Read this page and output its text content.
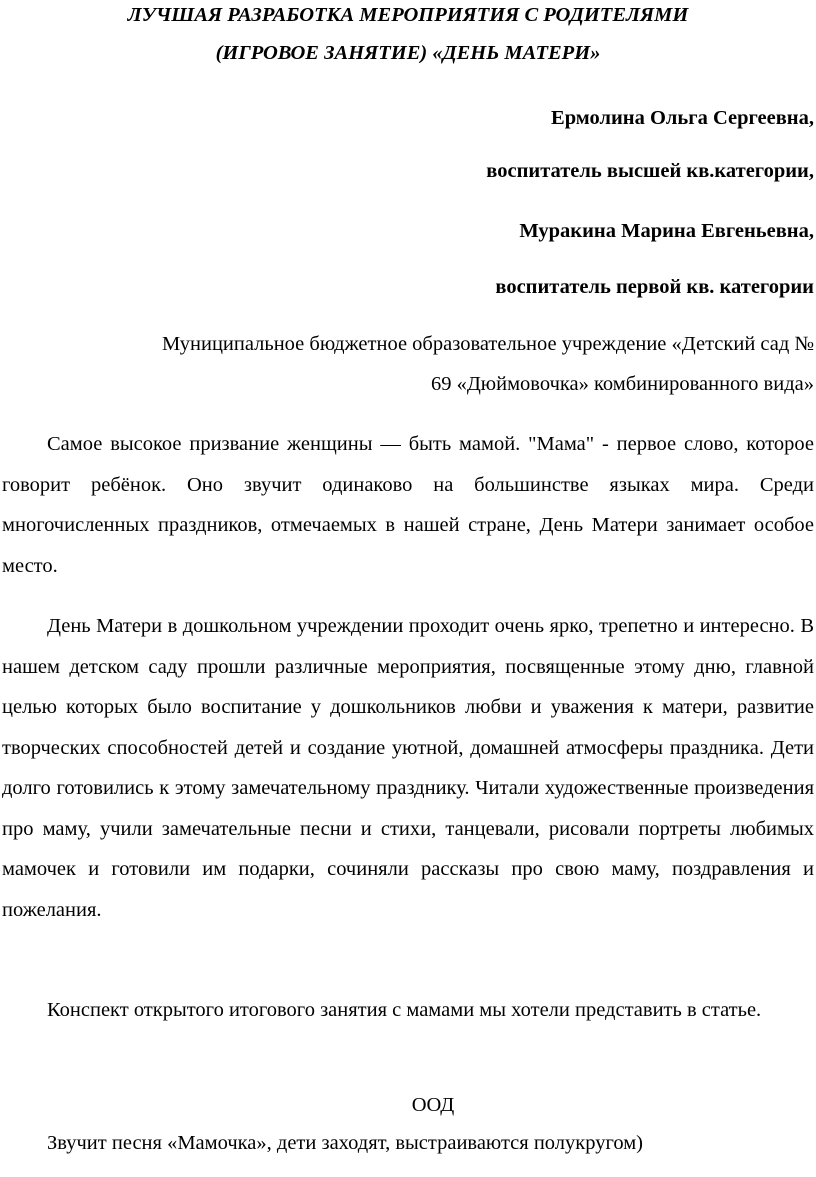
ЛУЧШАЯ РАЗРАБОТКА МЕРОПРИЯТИЯ С РОДИТЕЛЯМИ

(ИГРОВОЕ ЗАНЯТИЕ) «ДЕНЬ МАТЕРИ»

Ермолина Ольга Сергеевна,
воспитатель высшей кв.категории,
Муракина Марина Евгеньевна,
воспитатель первой кв. категории
Муниципальное бюджетное образовательное учреждение «Детский сад №
69 «Дюймовочка» комбинированного вида»

Самое высокое призвание женщины — быть мамой. "Мама" - первое слово, которое говорит ребёнок. Оно звучит одинаково на большинстве языках мира. Среди многочисленных праздников, отмечаемых в нашей стране, День Матери занимает особое место.

День Матери в дошкольном учреждении проходит очень ярко, трепетно и интересно. В нашем детском саду прошли различные мероприятия, посвященные этому дню, главной целью которых было воспитание у дошкольников любви и уважения к матери, развитие творческих способностей детей и создание уютной, домашней атмосферы праздника. Дети долго готовились к этому замечательному празднику. Читали художественные произведения про маму, учили замечательные песни и стихи, танцевали, рисовали портреты любимых мамочек и готовили им подарки, сочиняли рассказы про свою маму, поздравления и пожелания.

Конспект открытого итогового занятия с мамами мы хотели представить в статье.

ООД
Звучит песня «Мамочка», дети заходят, выстраиваются полукругом)
